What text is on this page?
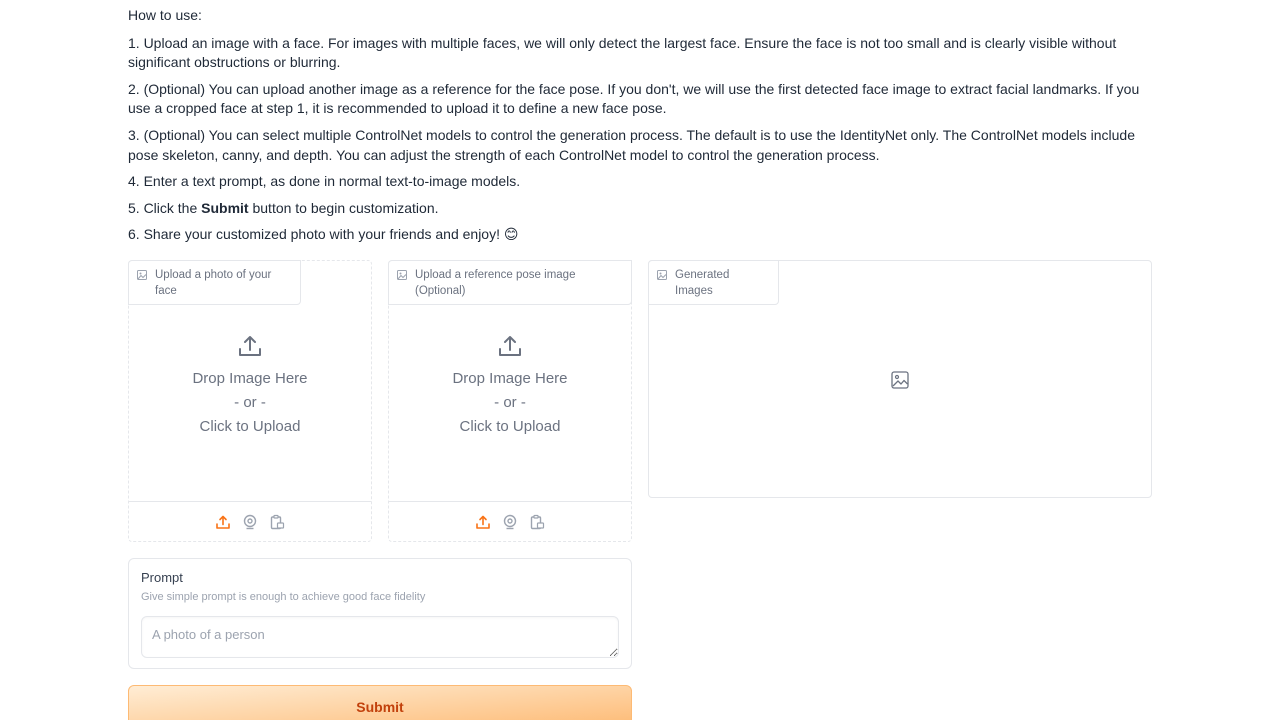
How to use:

1. Upload an image with a face. For images with multiple faces, we will only detect the largest face. Ensure the face is not too small and is clearly visible without significant obstructions or blurring.

2. (Optional) You can upload another image as a reference for the face pose. If you don't, we will use the first detected face image to extract facial landmarks. If you use a cropped face at step 1, it is recommended to upload it to define a new face pose.

3. (Optional) You can select multiple ControlNet models to control the generation process. The default is to use the IdentityNet only. The ControlNet models include pose skeleton, canny, and depth. You can adjust the strength of each ControlNet model to control the generation process.

4. Enter a text prompt, as done in normal text-to-image models.

5. Click the Submit button to begin customization.

6. Share your customized photo with your friends and enjoy! 😊

Upload a photo of your face
Drop Image Here
- or -
Click to Upload
Upload a reference pose image (Optional)
Drop Image Here
- or -
Click to Upload
Generated Images
Prompt
Give simple prompt is enough to achieve good face fidelity
A photo of a person
Submit
